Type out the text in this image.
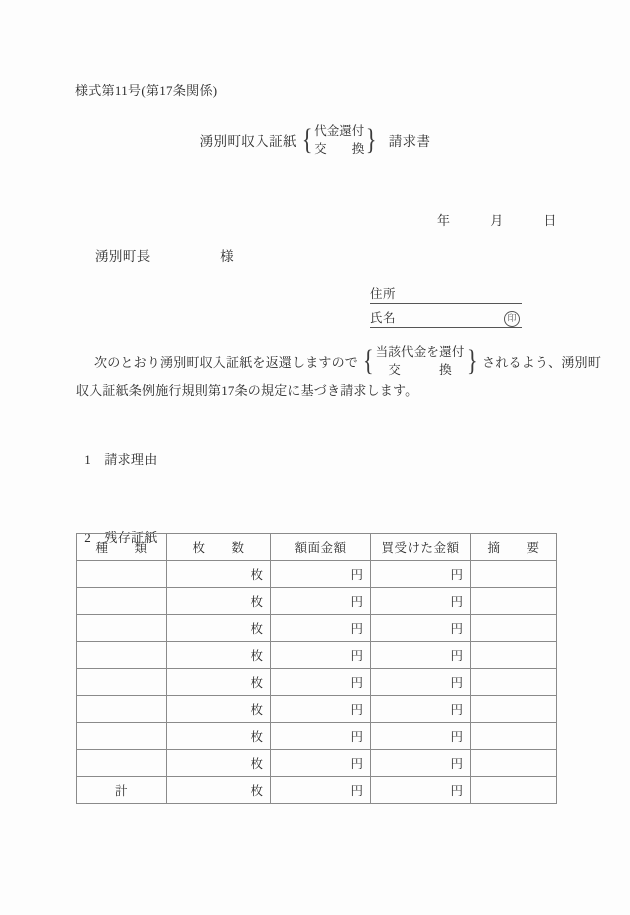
様式第11号(第17条関係)
湧別町収入証紙 { 代金還付
交　　換 } 請求書
年　　　月　　　日
湧別町長　　　　　様
住所
氏名	印
次のとおり湧別町収入証紙を返還しますので { 当該代金を還付
交　　　換 } されるよう、湧別町
収入証紙条例施行規則第17条の規定に基づき請求します。

1　 請求理由

2　 残存証紙

種　　類	枚　　数	額面金額	買受けた金額	摘　　要
	枚	円	円	
	枚	円	円	
	枚	円	円	
	枚	円	円	
	枚	円	円	
	枚	円	円	
	枚	円	円	
	枚	円	円	
計	枚	円	円	
